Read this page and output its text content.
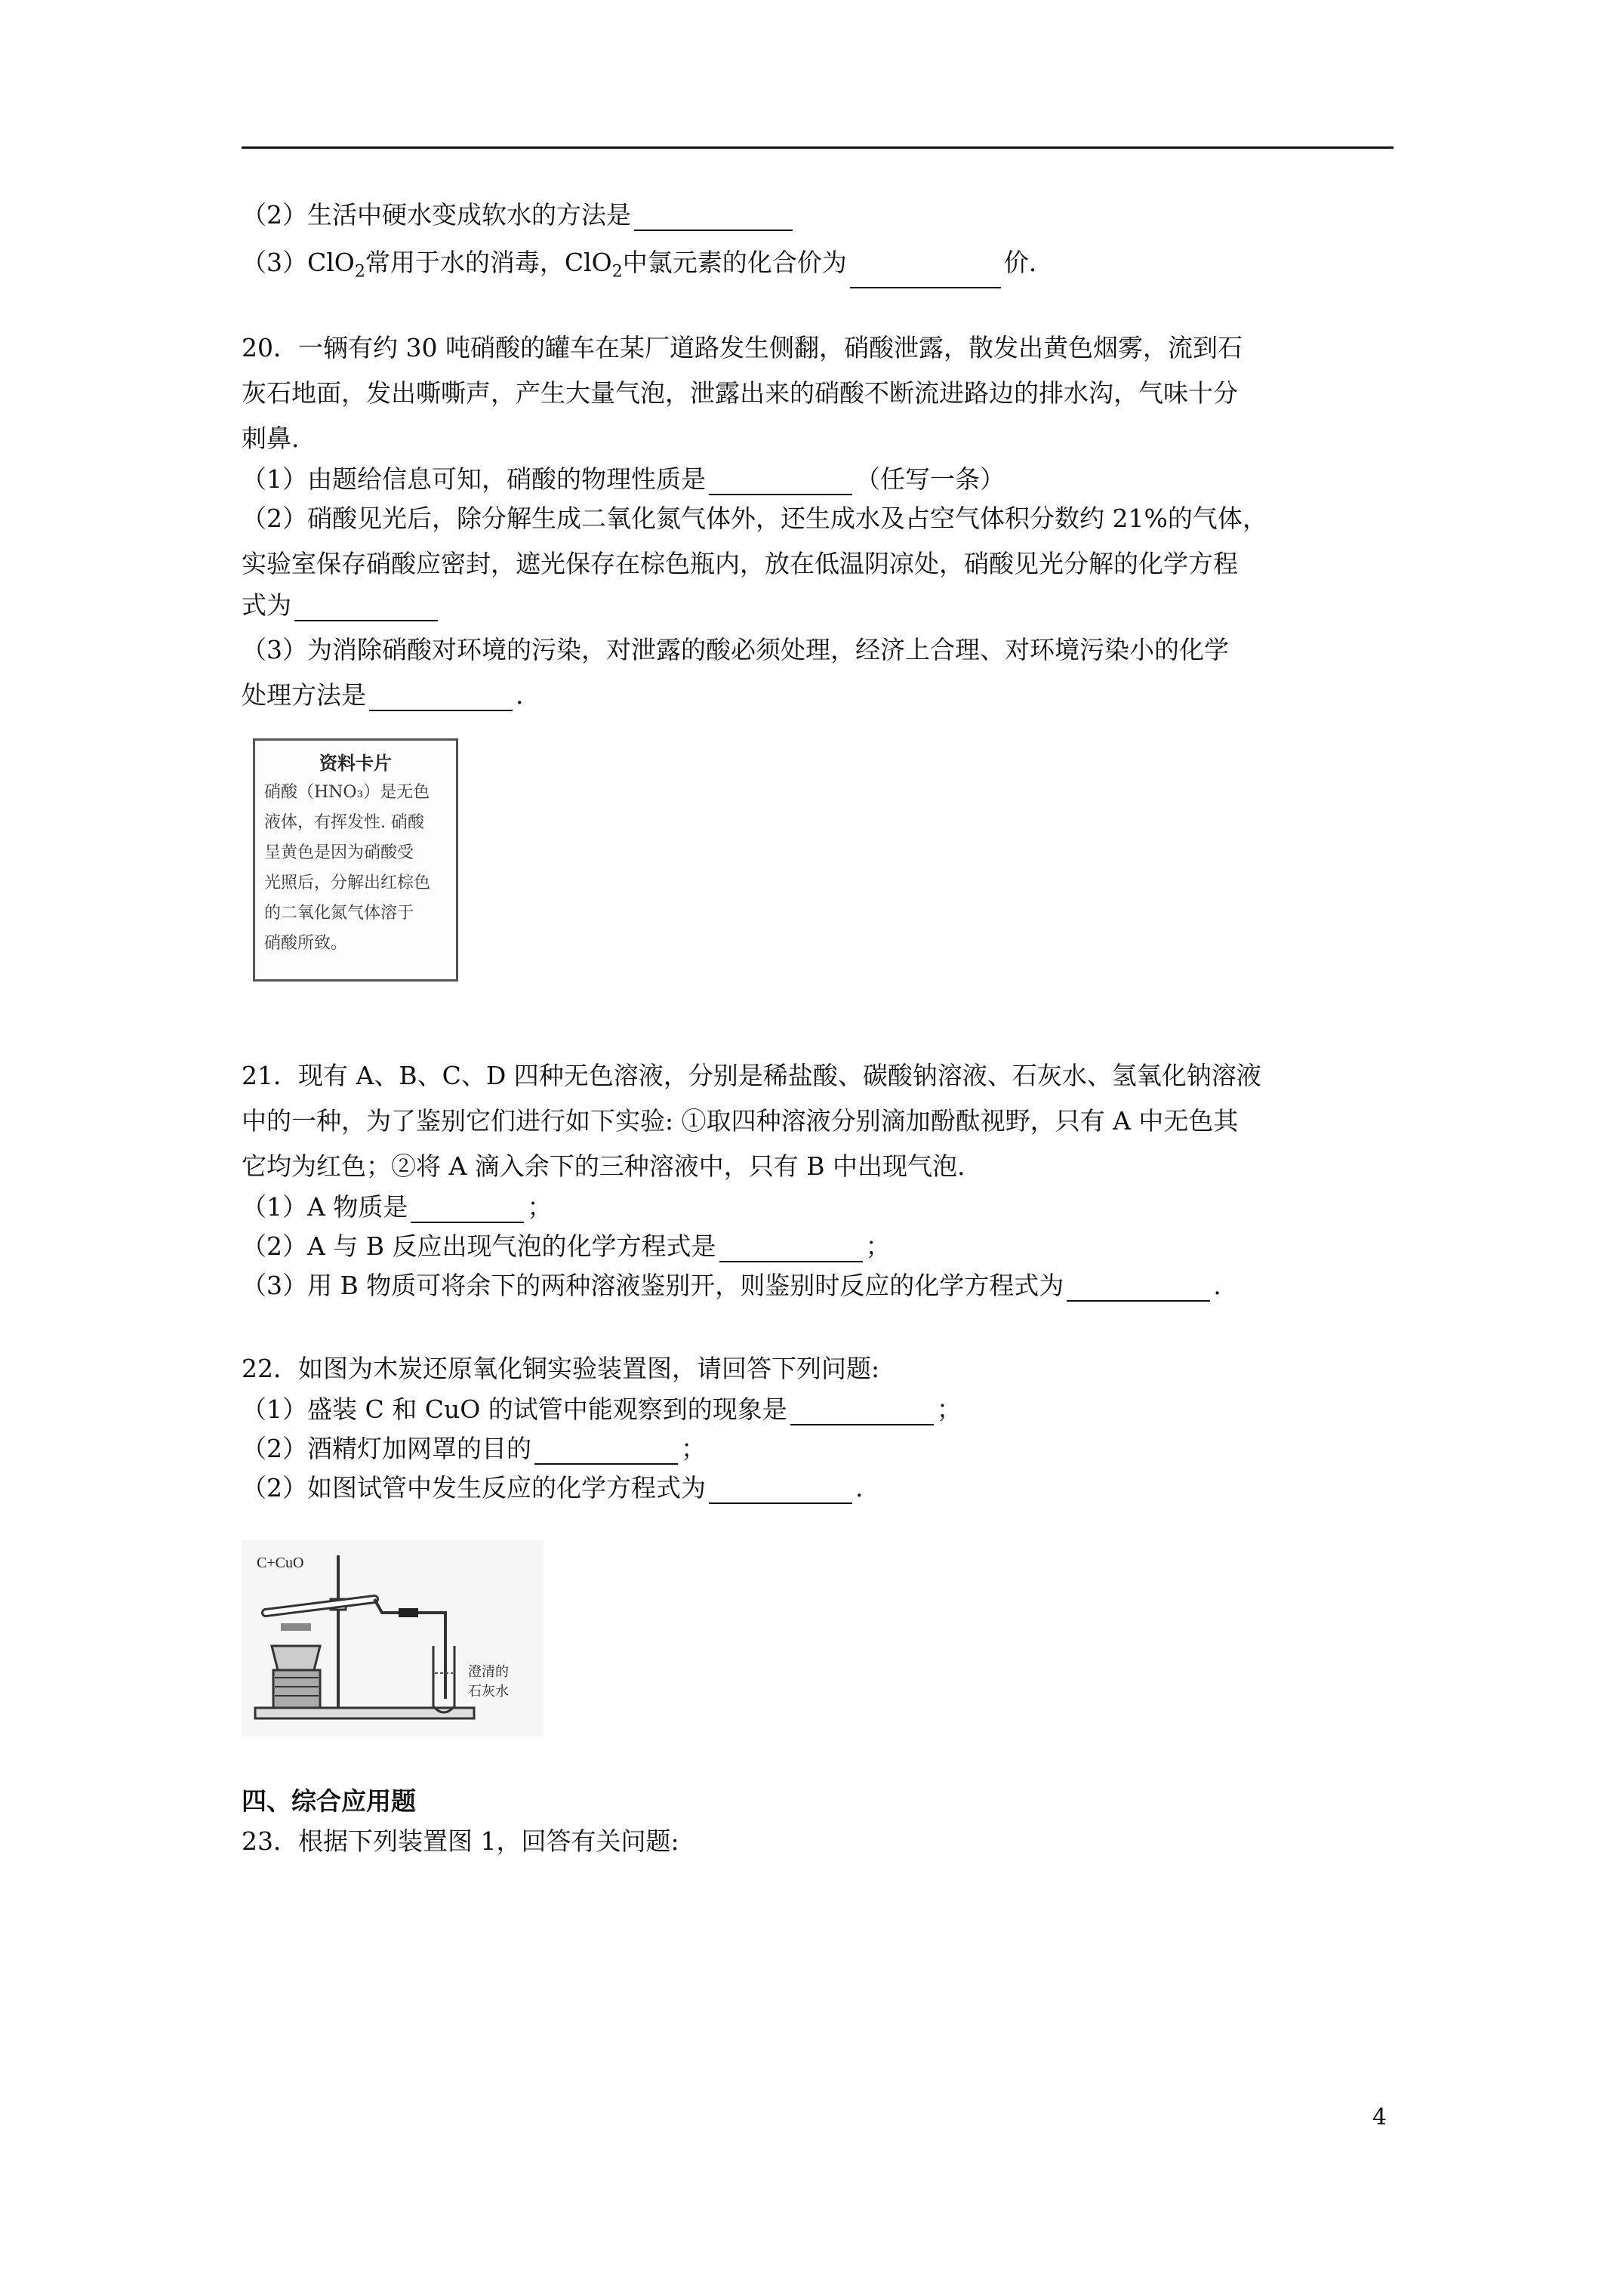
（2）生活中硬水变成软水的方法是
（3）ClO$_2$常用于水的消毒，ClO$_2$中氯元素的化合价为	价.
20．一辆有约 30 吨硝酸的罐车在某厂道路发生侧翻，硝酸泄露，散发出黄色烟雾，流到石
灰石地面，发出嘶嘶声，产生大量气泡，泄露出来的硝酸不断流进路边的排水沟，气味十分
刺鼻.
（1）由题给信息可知，硝酸的物理性质是	（任写一条）
（2）硝酸见光后，除分解生成二氧化氮气体外，还生成水及占空气体积分数约 21%的气体，
实验室保存硝酸应密封，遮光保存在棕色瓶内，放在低温阴凉处，硝酸见光分解的化学方程
式为
（3）为消除硝酸对环境的污染，对泄露的酸必须处理，经济上合理、对环境污染小的化学
处理方法是	.
资料卡片
硝酸（HNO₃）是无色
液体，有挥发性. 硝酸
呈黄色是因为硝酸受
光照后，分解出红棕色
的二氧化氮气体溶于
硝酸所致。
21．现有 A、B、C、D 四种无色溶液，分别是稀盐酸、碳酸钠溶液、石灰水、氢氧化钠溶液
中的一种，为了鉴别它们进行如下实验: ①取四种溶液分别滴加酚酞视野，只有 A 中无色其
它均为红色；②将 A 滴入余下的三种溶液中，只有 B 中出现气泡.
（1）A 物质是	；
（2）A 与 B 反应出现气泡的化学方程式是	；
（3）用 B 物质可将余下的两种溶液鉴别开，则鉴别时反应的化学方程式为	.
22．如图为木炭还原氧化铜实验装置图，请回答下列问题:
（1）盛装 C 和 CuO 的试管中能观察到的现象是	；
（2）酒精灯加网罩的目的	；
（2）如图试管中发生反应的化学方程式为	.
C+CuO
澄清的
石灰水
四、综合应用题
23．根据下列装置图 1，回答有关问题:
4
